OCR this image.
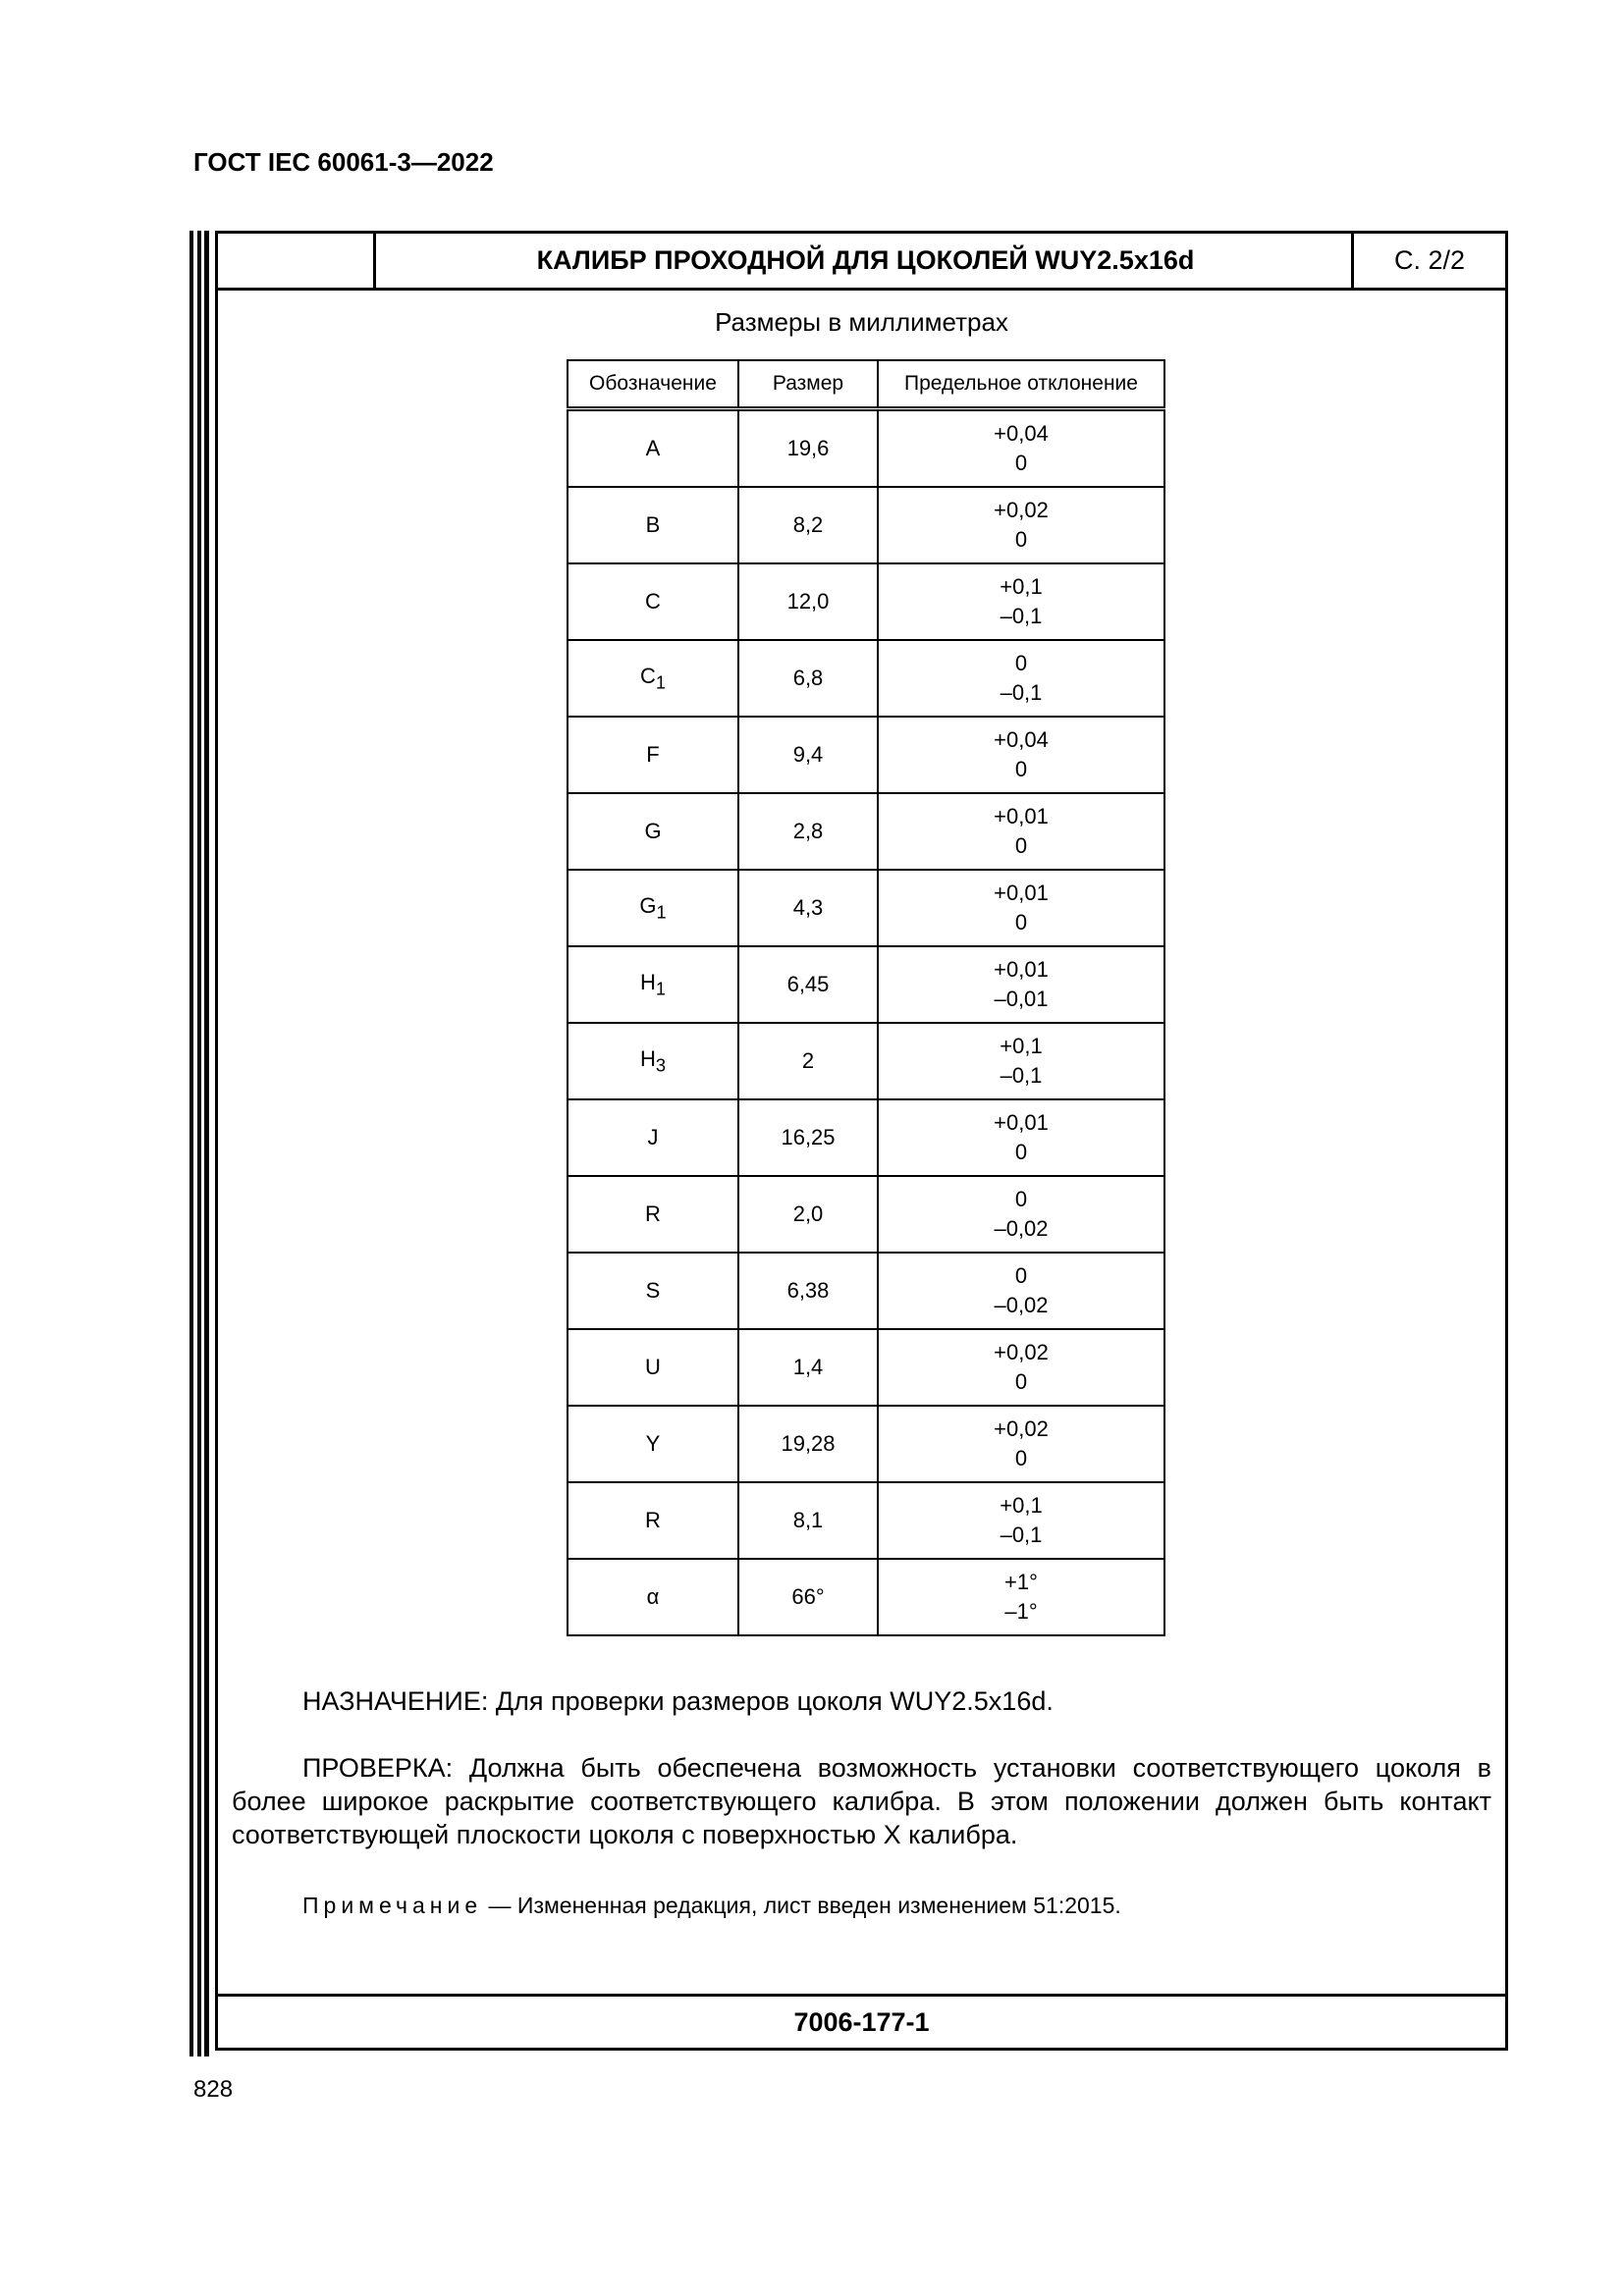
ГОСТ IEC 60061-3—2022
КАЛИБР ПРОХОДНОЙ ДЛЯ ЦОКОЛЕЙ WUY2.5x16d	С. 2/2
Размеры в миллиметрах
Обозначение	Размер	Предельное отклонение
A	19,6	+0,04
0

B	8,2	+0,02
0

C	12,0	+0,1
–0,1

$C_1$	6,8	0
–0,1

F	9,4	+0,04
0

G	2,8	+0,01
0

$G_1$	4,3	+0,01
0

$H_1$	6,45	+0,01
–0,01

$H_3$	2	+0,1
–0,1

J	16,25	+0,01
0

R	2,0	0
–0,02

S	6,38	0
–0,02

U	1,4	+0,02
0

Y	19,28	+0,02
0

R	8,1	+0,1
–0,1

α	66°	+1°
–1°

НАЗНАЧЕНИЕ: Для проверки размеров цоколя WUY2.5x16d.

ПРОВЕРКА: Должна быть обеспечена возможность установки соответствующего цоколя в более широкое раскрытие соответствующего калибра. В этом положении должен быть контакт соответствующей плоскости цоколя с поверхностью X калибра.

Примечание — Измененная редакция, лист введен изменением 51:2015.

7006-177-1
828
